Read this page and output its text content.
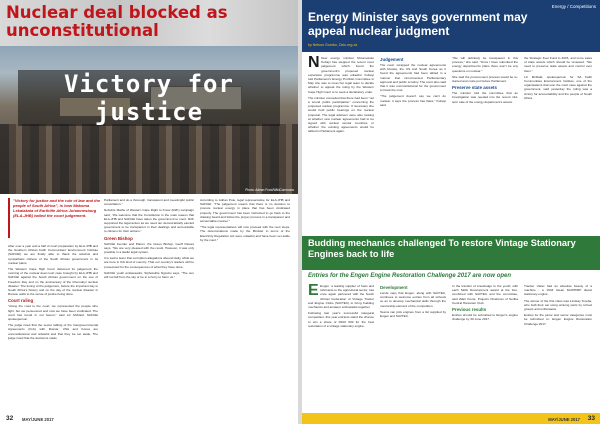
Nuclear deal blocked as unconstitutional
Victory for justice
Photo: Adrian Frost/WikiCommons
"Victory for justice and the rule of law and the people of South Africa", is how Makoma Lekalakala of Earthlife Africa Johannesburg (ELA-JHB) hailed the court judgement.

After over a year and a half of court preparation by ELA-JHB and the Southern African Faith Communities' Environment Institute (SAFCEI) we are finally able to thank the activists and sympathetic citizens of the South African government in its nuclear plans.

The Western Cape High Court delivered its judgement the morning of the nuclear deal court case brought by ELA-JHB and SAFCEI against the South African government on the eve of Freedom Day and on the anniversary of the Chernobyl nuclear disaster. The timing of the judgement, before the important day in South Africa's history and on the day of the nuclear disaster in Russia, adds to the sense of justice being done.

Court ruling

"Along the road to the court, we represented the people who fight, but we persevered and now we have been vindicated. The court has found in our favour," said Liz McDaid, SAFCEI spokesperson.

The judge ruled that the secret tabling of the Intergovernmental Agreements (IGA) with Russia, USA and Korea are unconstitutional and unlawful and that they be set aside. The judge ruled that the decisions made

Parliament and do a thorough, transparent and meaningful public consultation."

Nobuhle Mathe of Western Cape Right to Know (R2K) campaign said, "We welcome that the Constitution is the main reason that ELA-JHB and SAFCEI have taken the government to court. R2K supported the legal action as we need our democratically elected government to be transparent in their dealings and accountable to citizens for their actions."

Green Bishop

SAFCEI founder and Patron, the Green Bishop, Geoff Davies says, "We are very pleased with the result. However, it was only possible in a lawful legal system.

It is sad to learn that corruption allegations abound daily, while we are here in this kind of country. That our country's leaders will be prosecuted for the consequences of what they have done.

SAFCEI youth ambassador, Siphokuhle Ngcobo says, "The sun will not fall from the sky or be in a hurry to harm us."

According to Adrian Pole, legal representative for ELA-JHB and SAFCEI: "The judgement means that there is no decision to procure nuclear energy in place that has been vindicated properly. The government has been instructed to go back to the drawing board and follow the proper process in a transparent and accountable manner."

"The legal representatives will now proceed with the next steps. The determinations made by the Minister in terms of the Electricity Regulation Act were unlawful and have been set aside by the court."

32 MAY/JUNE 2017
Energy / Competitions
Energy Minister says government may appeal nuclear judgment
by Nelson Gumbo, Ociu.org.za

N New energy minister Mmamoloko Kubayi has stepped the recent court judgement which found the government's proposed nuclear expansion programme was unlawful. Kubayi told Parliament's Energy Portfolio Committee in May she was to meet her legal team to decide whether to appeal the ruling by the Western Cape High Court or to seek a declaratory order.

The minister conceded that there had been "not a sound public participation" concerning the proposed nuclear programme. If necessary she would hold public hearings on the nuclear proposal. The legal advisers were also looking at whether new nuclear agreements had to be signed with nuclear vendor countries, or whether the existing agreements would be tabled in Parliament again.

Judgement

The court scrapped the nuclear agreements with Russia, the US and South Korea as it found the agreements had been tabled in a manner that circumvented Parliamentary approval and public scrutiny. The court also said that it was unconstitutional for the government to block the cost.

"The judgement doesn't say we can't do nuclear, it says the process has flaws," Kubayi said.

"We will definitely be transparent in this process," she said. "Once I have submitted the energy department's plans there won't be any questions on nuclear."

She said the procurement process would be re-started and costs put before Parliament.

Preserve state assets

The minister told the committee that an investigation was needed into the recent mid-term sale of the energy department's assets.

the Strategic Fuel Fund in 2015, and more sales of state assets which should be reviewed. "We need to preserve state assets and control over them."

Liz McDaid, spokesperson for SA Faith Communities Environment Institute, one of the organisations that won the court case against the government, said yesterday the ruling was a victory for accountability and the people of South Africa.

Budding mechanics challenged To restore Vintage Stationary Engines back to life
Entries for the Engen Engine Restoration Challenge 2017 are now open

E Engen, a leading supplier of fuels and lubricants to the agricultural sector, has once again partnered with the South African Federation of Vintage Tractor and Engine Clubs (SAVTEC) to bring budding mechanics and amateur enthusiasts together.

Following last year's successful inaugural competition, this year entrants stand the chance to win a share of R100 000 for the best restoration of a vintage stationary engine.

Development

Lende says that Engen, along with SAVTEC, continues to welcome entries from all schools so as to develop mechanical skills through the mentorship element of the competition.

Teams can pick engines from a list supplied by Engen and SAVTEC.

In the transfer of knowledge to the youth, with each Skills Development award at the fore, combined with SAVTEC and the committee, said Zakir Kunte, Projects Chairman of Seriba Central Harvester Club.

Previous results

Entries should be submitted to Engen's engine challenge by 30 June 2017.

Tracker Ulster had an absolute beauty of a machine - a 1934 Glean McWHIRP diesel stationary engine.

The winner of the first class was Lindsay Tereba, who built their car using winning parts by school groups and enthusiasts.

Entries for the junior and senior categories must be submitted to: Engen Engine Restoration Challenge 2017.

MAY/JUNE 2017 33
